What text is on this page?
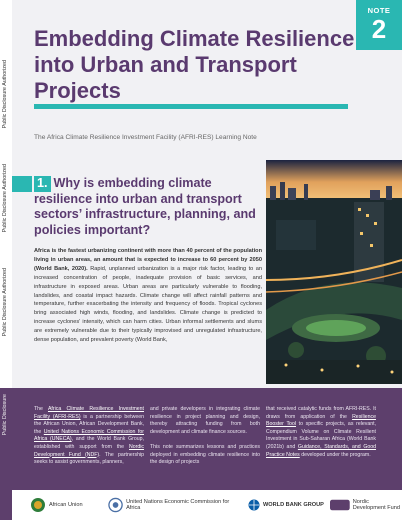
Public Disclosure Authorized
Public Disclosure Authorized
Public Disclosure Authorized
Public Disclosure
NOTE
2
Embedding Climate Resilience into Urban and Transport Projects
The Africa Climate Resilience Investment Facility (AFRI-RES) Learning Note
1. Why is embedding climate resilience into urban and transport sectors’ infrastructure, planning, and policies important?

Africa is the fastest urbanizing continent with more than 40 percent of the population living in urban areas, an amount that is expected to increase to 60 percent by 2050 (World Bank, 2020). Rapid, unplanned urbanization is a major risk factor, leading to an increased concentration of people, inadequate provision of basic services, and infrastructure in exposed areas. Urban areas are particularly vulnerable to flooding, landslides, and coastal impact hazards. Climate change will affect rainfall patterns and temperature, further exacerbating the intensity and frequency of floods. Tropical cyclones bring associated high winds, flooding, and landslides. Climate change is predicted to increase cyclones’ intensity, which can harm cities. Urban informal settlements and slums are extremely vulnerable due to their typically improvised and unregulated infrastructure, dense population, and prevalent poverty (World Bank,

The Africa Climate Resilience Investment Facility (AFRI-RES) is a partnership between the African Union, African Development Bank, the United Nations Economic Commission for Africa (UNECA), and the World Bank Group, established with support from the Nordic Development Fund (NDF). The partnership seeks to assist governments, planners,
and private developers in integrating climate resilience in project planning and design, thereby attracting funding from both development and climate finance sources.

This note summarizes lessons and practices deployed in embedding climate resilience into the design of projects
that received catalytic funds from AFRI-RES. It draws from application of the Resilience Booster Tool to specific projects, as relevant, Compendium Volume on Climate Resilient Investment in Sub-Saharan Africa (World Bank (2021b) and Guidance, Standards, and Good Practice Notes developed under the program.
African Union	United Nations Economic Commission for Africa	WORLD BANK GROUP	Nordic Development Fund
